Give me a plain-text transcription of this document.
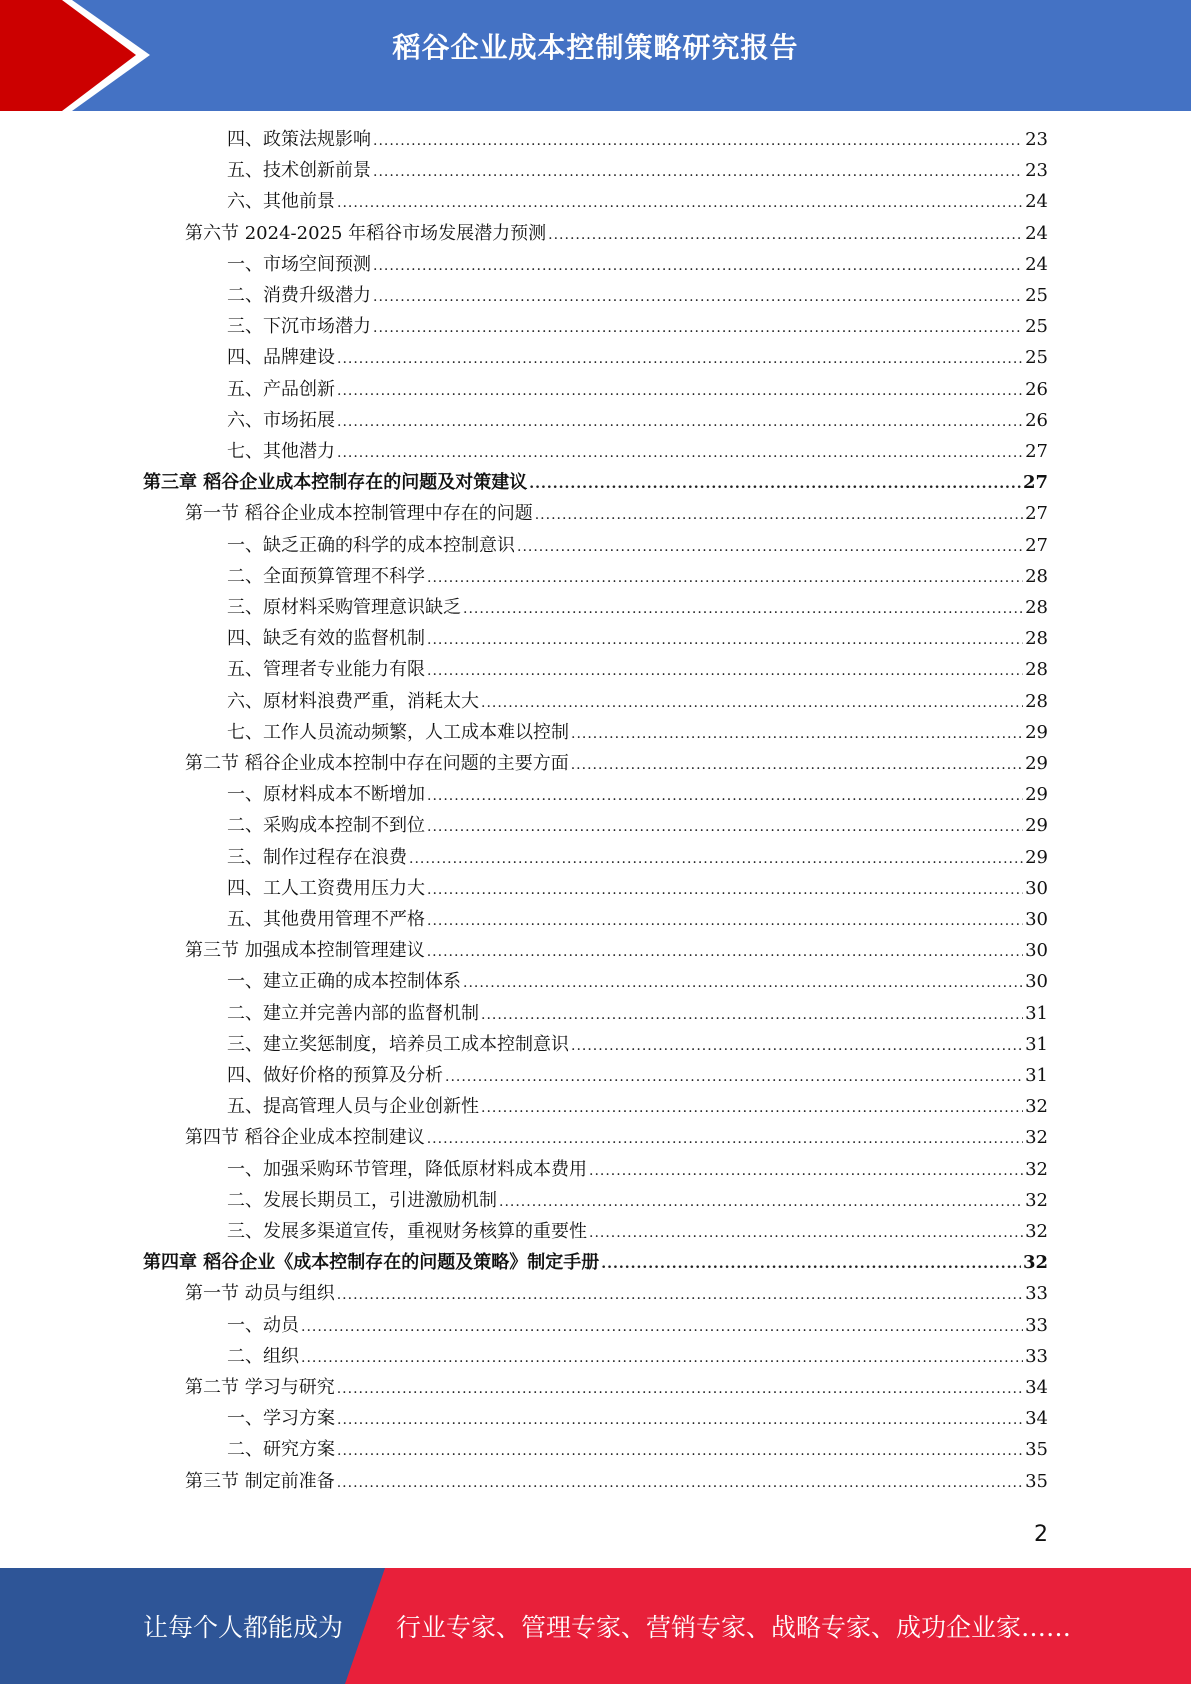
稻谷企业成本控制策略研究报告
四、政策法规影响 .....	23
五、技术创新前景 .....	23
六、其他前景 .....	24
第六节 2024-2025 年稻谷市场发展潜力预测 .....	24
一、市场空间预测 .....	24
二、消费升级潜力 .....	25
三、下沉市场潜力 .....	25
四、品牌建设 .....	25
五、产品创新 .....	26
六、市场拓展 .....	26
七、其他潜力 .....	27
第三章 稻谷企业成本控制存在的问题及对策建议 .....	27
第一节 稻谷企业成本控制管理中存在的问题 .....	27
一、缺乏正确的科学的成本控制意识 .....	27
二、全面预算管理不科学 .....	28
三、原材料采购管理意识缺乏 .....	28
四、缺乏有效的监督机制 .....	28
五、管理者专业能力有限 .....	28
六、原材料浪费严重，消耗太大 .....	28
七、工作人员流动频繁，人工成本难以控制 .....	29
第二节 稻谷企业成本控制中存在问题的主要方面 .....	29
一、原材料成本不断增加 .....	29
二、采购成本控制不到位 .....	29
三、制作过程存在浪费 .....	29
四、工人工资费用压力大 .....	30
五、其他费用管理不严格 .....	30
第三节 加强成本控制管理建议 .....	30
一、建立正确的成本控制体系 .....	30
二、建立并完善内部的监督机制 .....	31
三、建立奖惩制度，培养员工成本控制意识 .....	31
四、做好价格的预算及分析 .....	31
五、提高管理人员与企业创新性 .....	32
第四节 稻谷企业成本控制建议 .....	32
一、加强采购环节管理，降低原材料成本费用 .....	32
二、发展长期员工，引进激励机制 .....	32
三、发展多渠道宣传，重视财务核算的重要性 .....	32
第四章 稻谷企业《成本控制存在的问题及策略》制定手册 .....	32
第一节 动员与组织 .....	33
一、动员 .....	33
二、组织 .....	33
第二节 学习与研究 .....	34
一、学习方案 .....	34
二、研究方案 .....	35
第三节 制定前准备 .....	35
2
让每个人都能成为 行业专家、管理专家、营销专家、战略专家、成功企业家……
